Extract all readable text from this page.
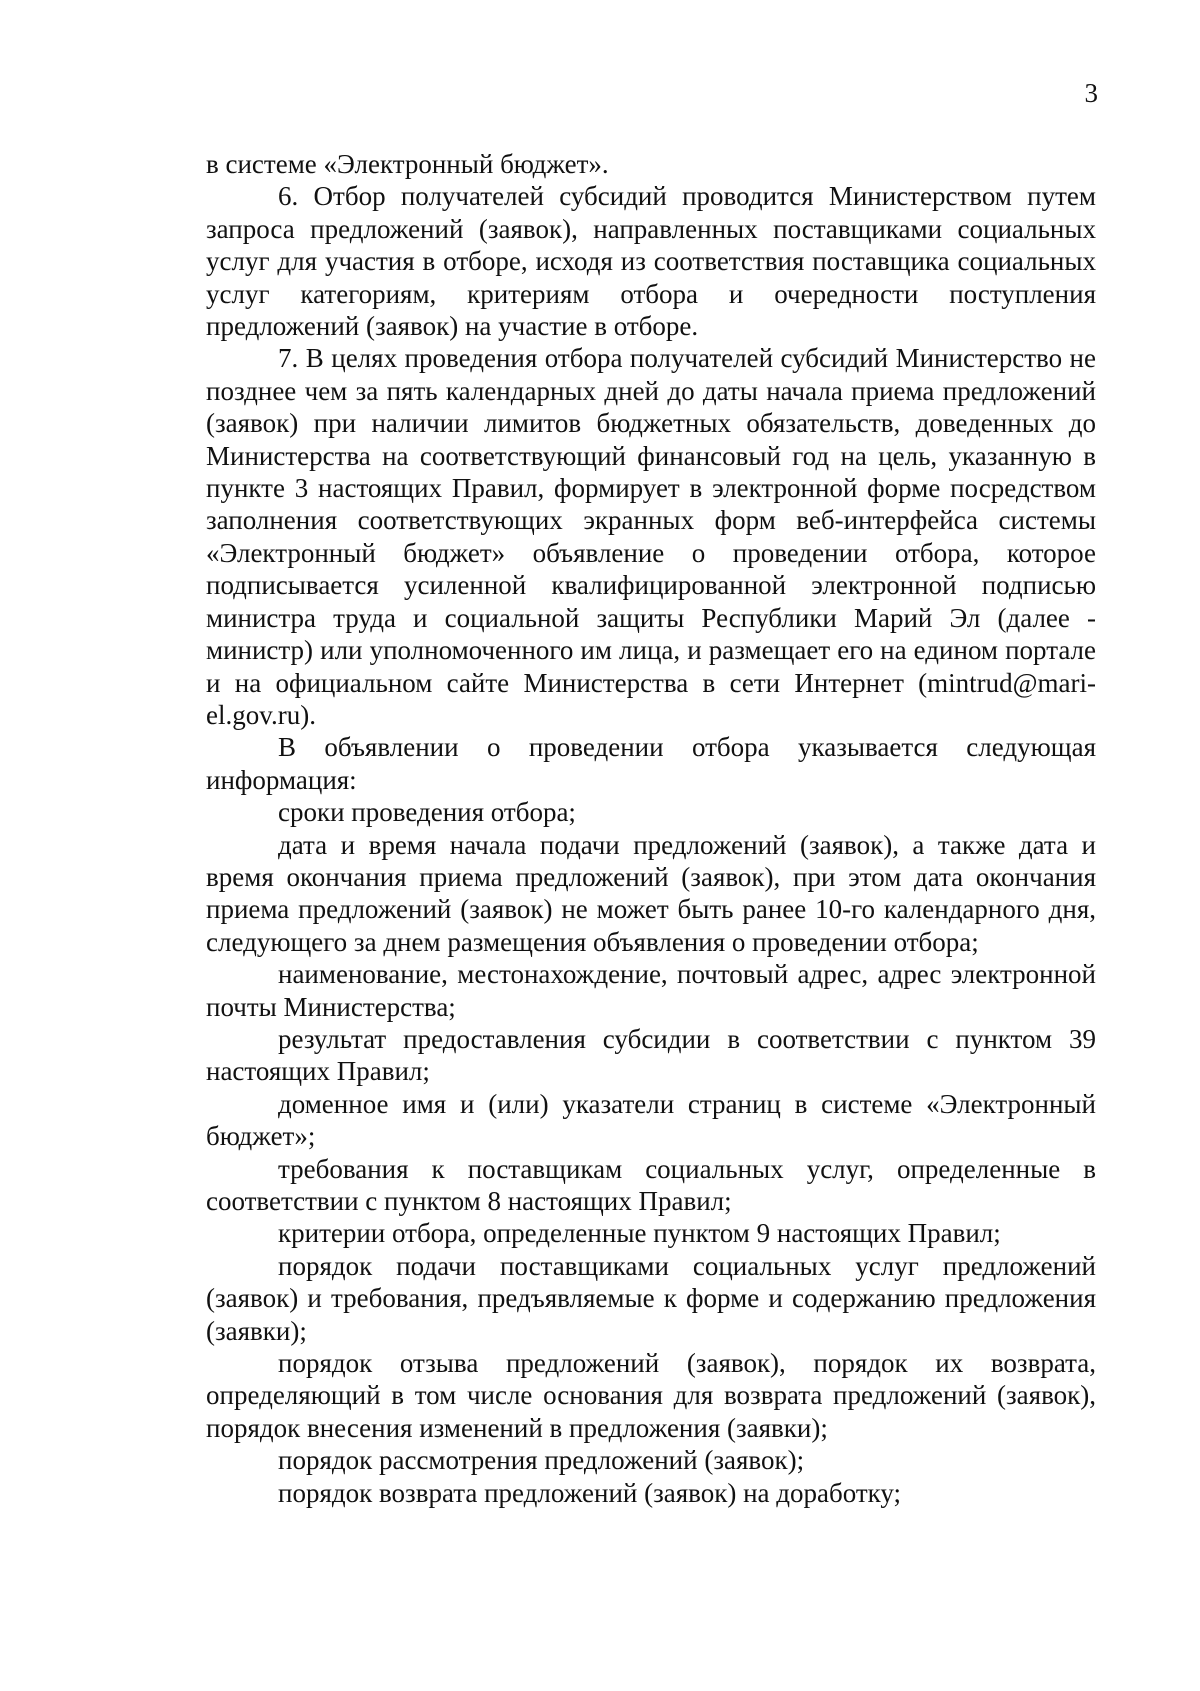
3

в системе «Электронный бюджет».

6. Отбор получателей субсидий проводится Министерством путем запроса предложений (заявок), направленных поставщиками социальных услуг для участия в отборе, исходя из соответствия поставщика социальных услуг категориям, критериям отбора и очередности поступления предложений (заявок) на участие в отборе.

7. В целях проведения отбора получателей субсидий Министерство не позднее чем за пять календарных дней до даты начала приема предложений (заявок) при наличии лимитов бюджетных обязательств, доведенных до Министерства на соответствующий финансовый год на цель, указанную в пункте 3 настоящих Правил, формирует в электронной форме посредством заполнения соответствующих экранных форм веб-интерфейса системы «Электронный бюджет» объявление о проведении отбора, которое подписывается усиленной квалифицированной электронной подписью министра труда и социальной защиты Республики Марий Эл (далее - министр) или уполномоченного им лица, и размещает его на едином портале и на официальном сайте Министерства в сети Интернет (mintrud@mari-el.gov.ru).

В объявлении о проведении отбора указывается следующая информация:

сроки проведения отбора;

дата и время начала подачи предложений (заявок), а также дата и время окончания приема предложений (заявок), при этом дата окончания приема предложений (заявок) не может быть ранее 10-го календарного дня, следующего за днем размещения объявления о проведении отбора;

наименование, местонахождение, почтовый адрес, адрес электронной почты Министерства;

результат предоставления субсидии в соответствии с пунктом 39 настоящих Правил;

доменное имя и (или) указатели страниц в системе «Электронный бюджет»;

требования к поставщикам социальных услуг, определенные в соответствии с пунктом 8 настоящих Правил;

критерии отбора, определенные пунктом 9 настоящих Правил;

порядок подачи поставщиками социальных услуг предложений (заявок) и требования, предъявляемые к форме и содержанию предложения (заявки);

порядок отзыва предложений (заявок), порядок их возврата, определяющий в том числе основания для возврата предложений (заявок), порядок внесения изменений в предложения (заявки);

порядок рассмотрения предложений (заявок);

порядок возврата предложений (заявок) на доработку;
